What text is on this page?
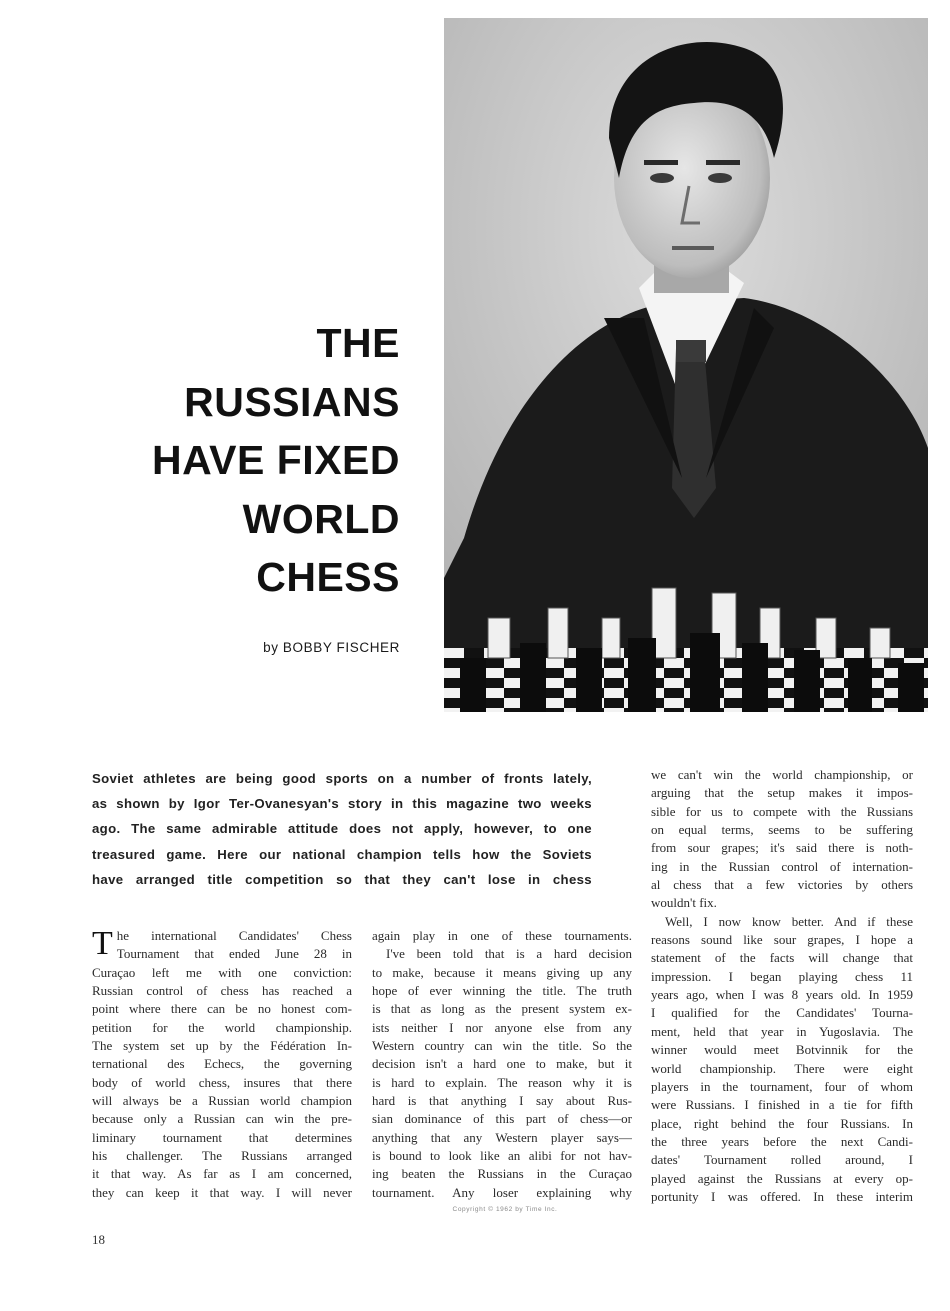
THE
RUSSIANS
HAVE FIXED
WORLD
CHESS
by BOBBY FISCHER
Soviet athletes are being good sports on a number of fronts lately,
as shown by Igor Ter-Ovanesyan's story in this magazine two weeks
ago. The same admirable attitude does not apply, however, to one
treasured game. Here our national champion tells how the Soviets
have arranged title competition so that they can't lose in chess
T he international Candidates' Chess
Tournament that ended June 28 in
Curaçao left me with one conviction:
Russian control of chess has reached a
point where there can be no honest com-
petition for the world championship.
The system set up by the Fédération In-
ternational des Echecs, the governing
body of world chess, insures that there
will always be a Russian world champion
because only a Russian can win the pre-
liminary tournament that determines
his challenger. The Russians arranged
it that way. As far as I am concerned,
they can keep it that way. I will never
again play in one of these tournaments.
I've been told that is a hard decision
to make, because it means giving up any
hope of ever winning the title. The truth
is that as long as the present system ex-
ists neither I nor anyone else from any
Western country can win the title. So the
decision isn't a hard one to make, but it
is hard to explain. The reason why it is
hard is that anything I say about Rus-
sian dominance of this part of chess—or
anything that any Western player says—
is bound to look like an alibi for not hav-
ing beaten the Russians in the Curaçao
tournament. Any loser explaining why
we can't win the world championship, or
arguing that the setup makes it impos-
sible for us to compete with the Russians
on equal terms, seems to be suffering
from sour grapes; it's said there is noth-
ing in the Russian control of internation-
al chess that a few victories by others
wouldn't fix.
Well, I now know better. And if these
reasons sound like sour grapes, I hope a
statement of the facts will change that
impression. I began playing chess 11
years ago, when I was 8 years old. In 1959
I qualified for the Candidates' Tourna-
ment, held that year in Yugoslavia. The
winner would meet Botvinnik for the
world championship. There were eight
players in the tournament, four of whom
were Russians. I finished in a tie for fifth
place, right behind the four Russians. In
the three years before the next Candi-
dates' Tournament rolled around, I
played against the Russians at every op-
portunity I was offered. In these interim
Copyright © 1962 by Time Inc.
18
